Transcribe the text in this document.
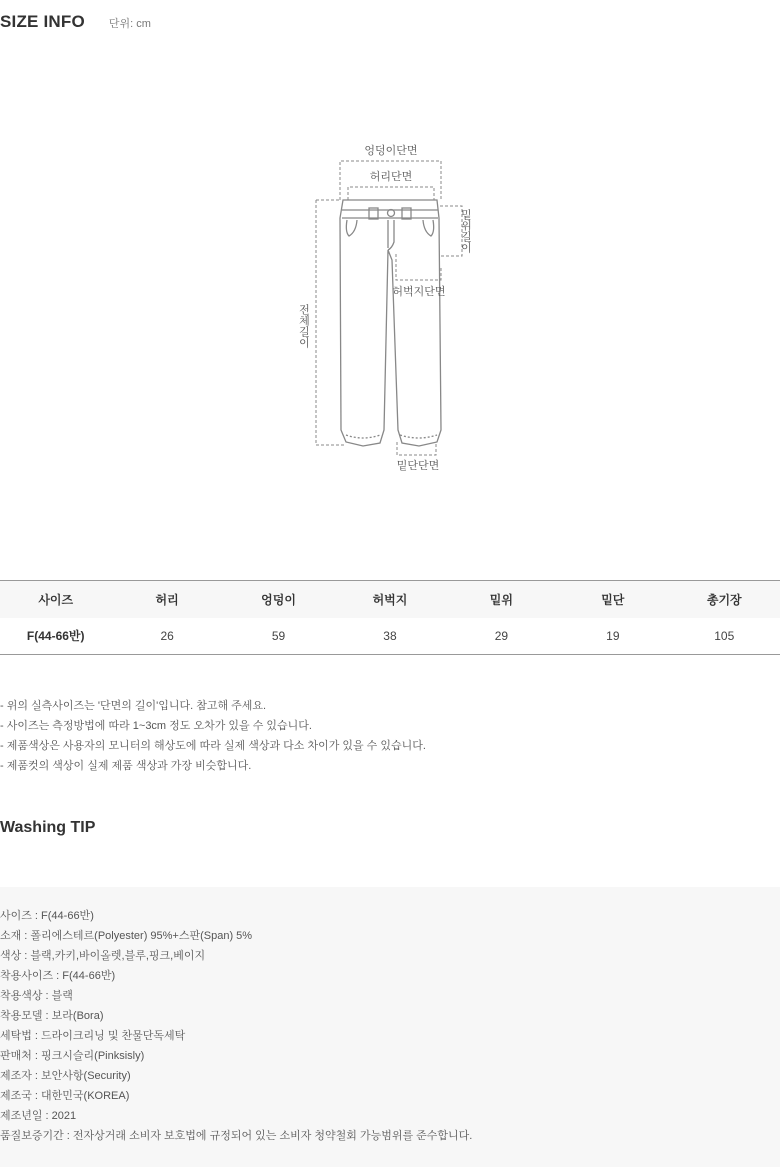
SIZE INFO 단위: cm
엉덩이단면
허리단면
허벅지단면
밑단단면
밑위길이
전체길이
사이즈	허리	엉덩이	허벅지	밑위	밑단	총기장
F(44-66반)	26	59	38	29	19	105
- 위의 실측사이즈는 '단면의 길이'입니다. 참고해 주세요.
- 사이즈는 측정방법에 따라 1~3cm 정도 오차가 있을 수 있습니다.
- 제품색상은 사용자의 모니터의 해상도에 따라 실제 색상과 다소 차이가 있을 수 있습니다.
- 제품컷의 색상이 실제 제품 색상과 가장 비슷합니다.
Washing TIP
사이즈 : F(44-66반)
소재 : 폴리에스테르(Polyester) 95%+스판(Span) 5%
색상 : 블랙,카키,바이올렛,블루,핑크,베이지
착용사이즈 : F(44-66반)
착용색상 : 블랙
착용모델 : 보라(Bora)
세탁법 : 드라이크리닝 및 찬물단독세탁
판매처 : 핑크시슬리(Pinksisly)
제조자 : 보안사항(Security)
제조국 : 대한민국(KOREA)
제조년일 : 2021
품질보증기간 : 전자상거래 소비자 보호법에 규정되어 있는 소비자 청약철회 가능범위를 준수합니다.
